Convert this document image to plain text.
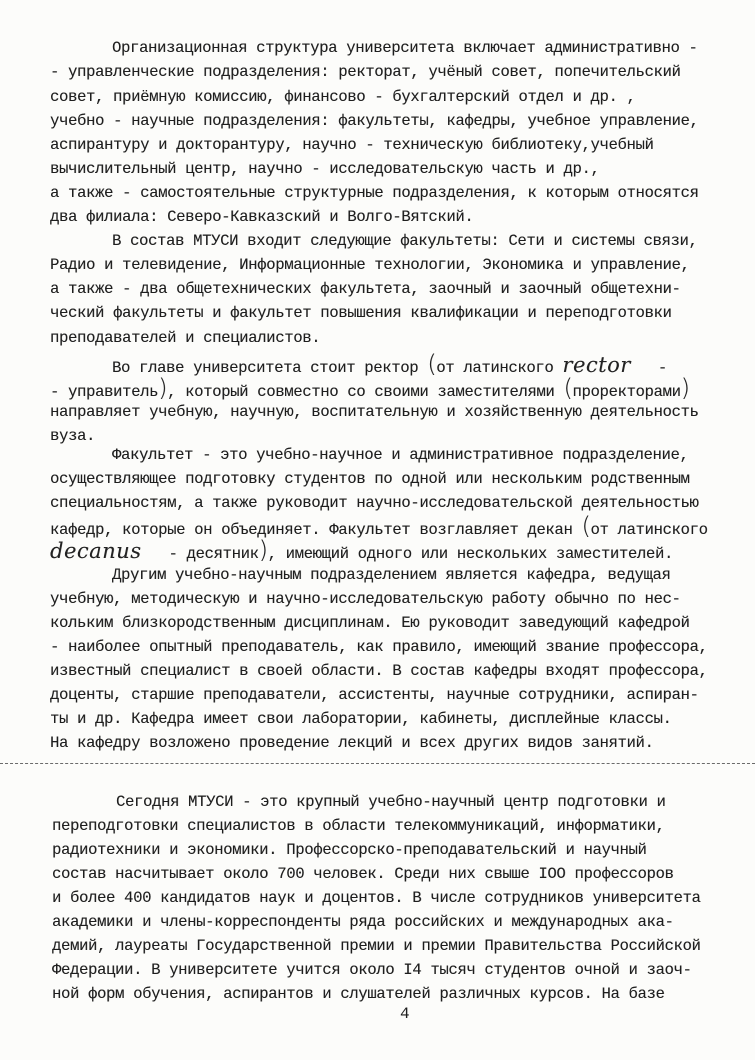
Организационная структура университета включает административно -
- управленческие подразделения: ректорат, учёный совет, попечительский
совет, приёмную комиссию, финансово - бухгалтерский отдел и др. ,
учебно - научные подразделения: факультеты, кафедры, учебное управление,
аспирантуру и докторантуру, научно - техническую библиотеку,учебный
вычислительный центр, научно - исследовательскую часть и др.,
а также - самостоятельные структурные подразделения, к которым относятся
два филиала: Северо-Кавказский и Волго-Вятский.
В состав МТУСИ входит следующие факультеты: Сети и системы связи,
Радио и телевидение, Информационные технологии, Экономика и управление,
а также - два общетехнических факультета, заочный и заочный общетехни-
ческий факультеты и факультет повышения квалификации и переподготовки
преподавателей и специалистов.
Во главе университета стоит ректор (от латинского rector -
- управитель), который совместно со своими заместителями (проректорами)
направляет учебную, научную, воспитательную и хозяйственную деятельность
вуза.
Факультет - это учебно-научное и административное подразделение,
осуществляющее подготовку студентов по одной или нескольким родственным
специальностям, а также руководит научно-исследовательской деятельностью
кафедр, которые он объединяет. Факультет возглавляет декан (от латинского
decanus - десятник), имеющий одного или нескольких заместителей.
Другим учебно-научным подразделением является кафедра, ведущая
учебную, методическую и научно-исследовательскую работу обычно по нес-
кольким близкородственным дисциплинам. Ею руководит заведующий кафедрой
- наиболее опытный преподаватель, как правило, имеющий звание профессора,
известный специалист в своей области. В состав кафедры входят профессора,
доценты, старшие преподаватели, ассистенты, научные сотрудники, аспиран-
ты и др. Кафедра имеет свои лаборатории, кабинеты, дисплейные классы.
На кафедру возложено проведение лекций и всех других видов занятий.
Сегодня МТУСИ - это крупный учебно-научный центр подготовки и
переподготовки специалистов в области телекоммуникаций, информатики,
радиотехники и экономики. Профессорско-преподавательский и научный
состав насчитывает около 700 человек. Среди них свыше IOO профессоров
и более 400 кандидатов наук и доцентов. В числе сотрудников университета
академики и члены-корреспонденты ряда российских и международных ака-
демий, лауреаты Государственной премии и премии Правительства Российской
Федерации. В университете учится около I4 тысяч студентов очной и заоч-
ной форм обучения, аспирантов и слушателей различных курсов. На базе
4
